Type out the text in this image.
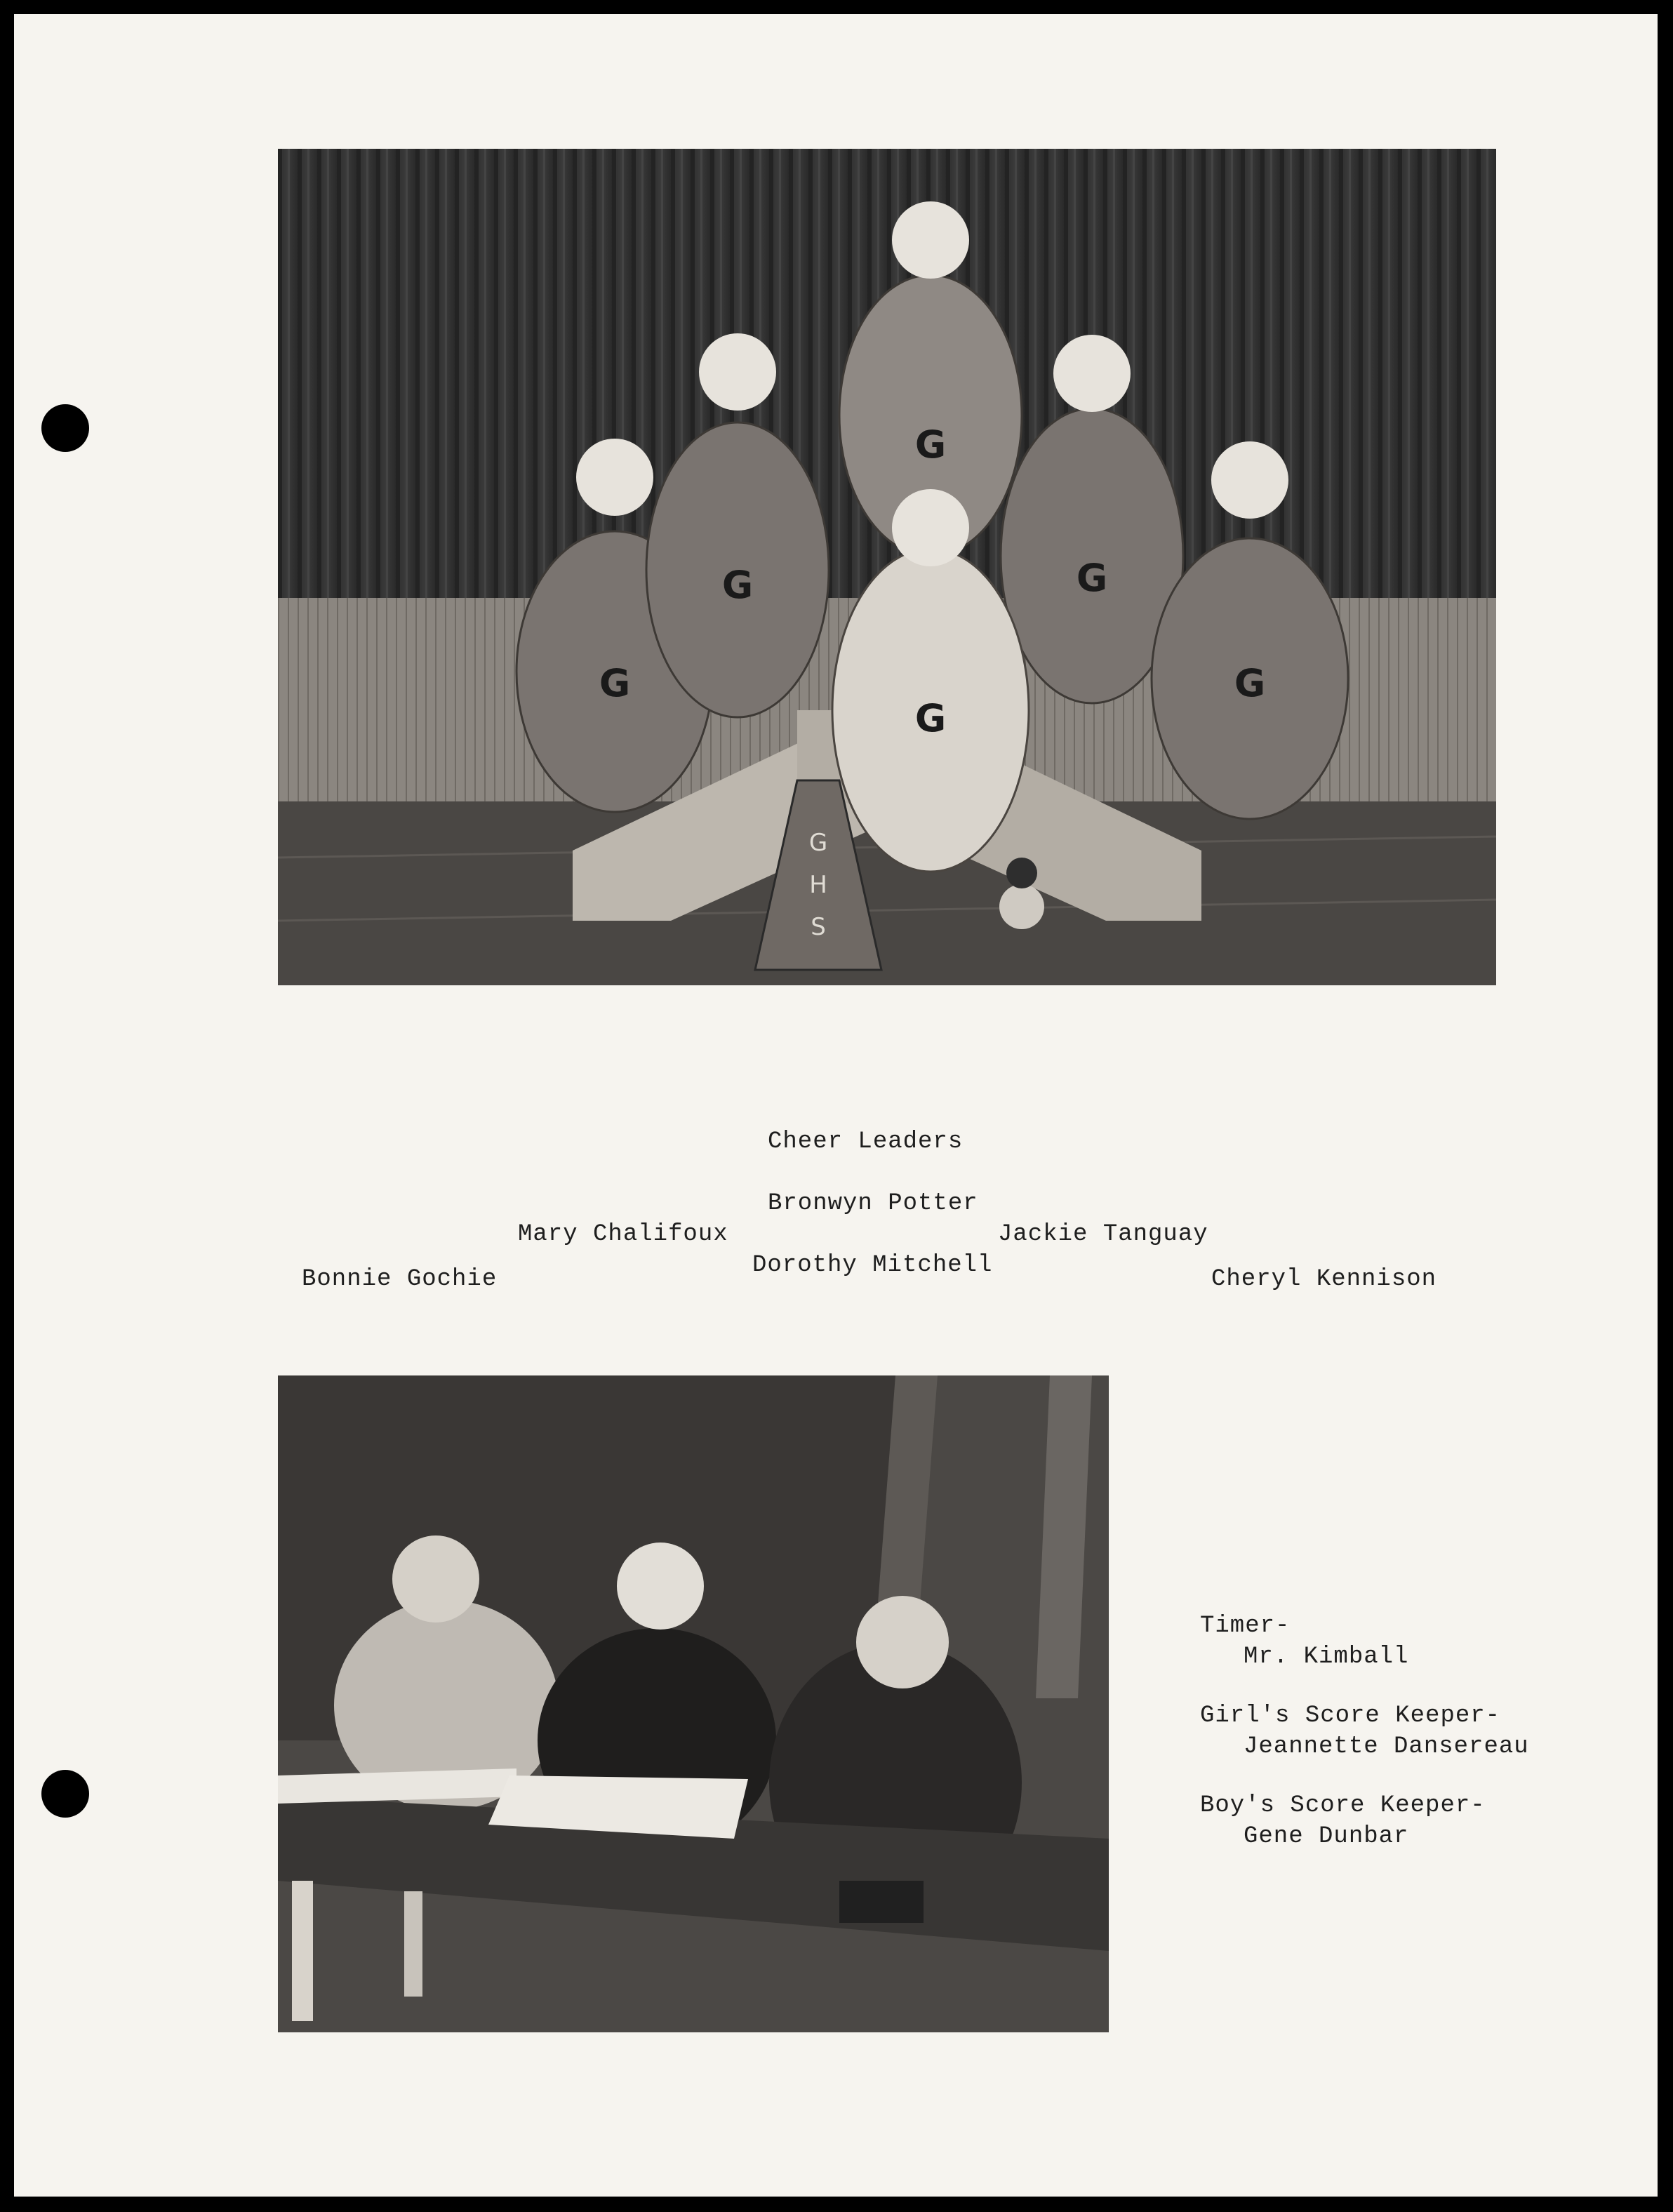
G
G
G
G
G
G
G
H
S
Cheer Leaders
Bronwyn Potter
Mary Chalifoux	Jackie Tanguay
Dorothy Mitchell
Bonnie Gochie	Cheryl Kennison
Timer-
Mr. Kimball
Girl's Score Keeper-
Jeannette Dansereau
Boy's Score Keeper-
Gene Dunbar
